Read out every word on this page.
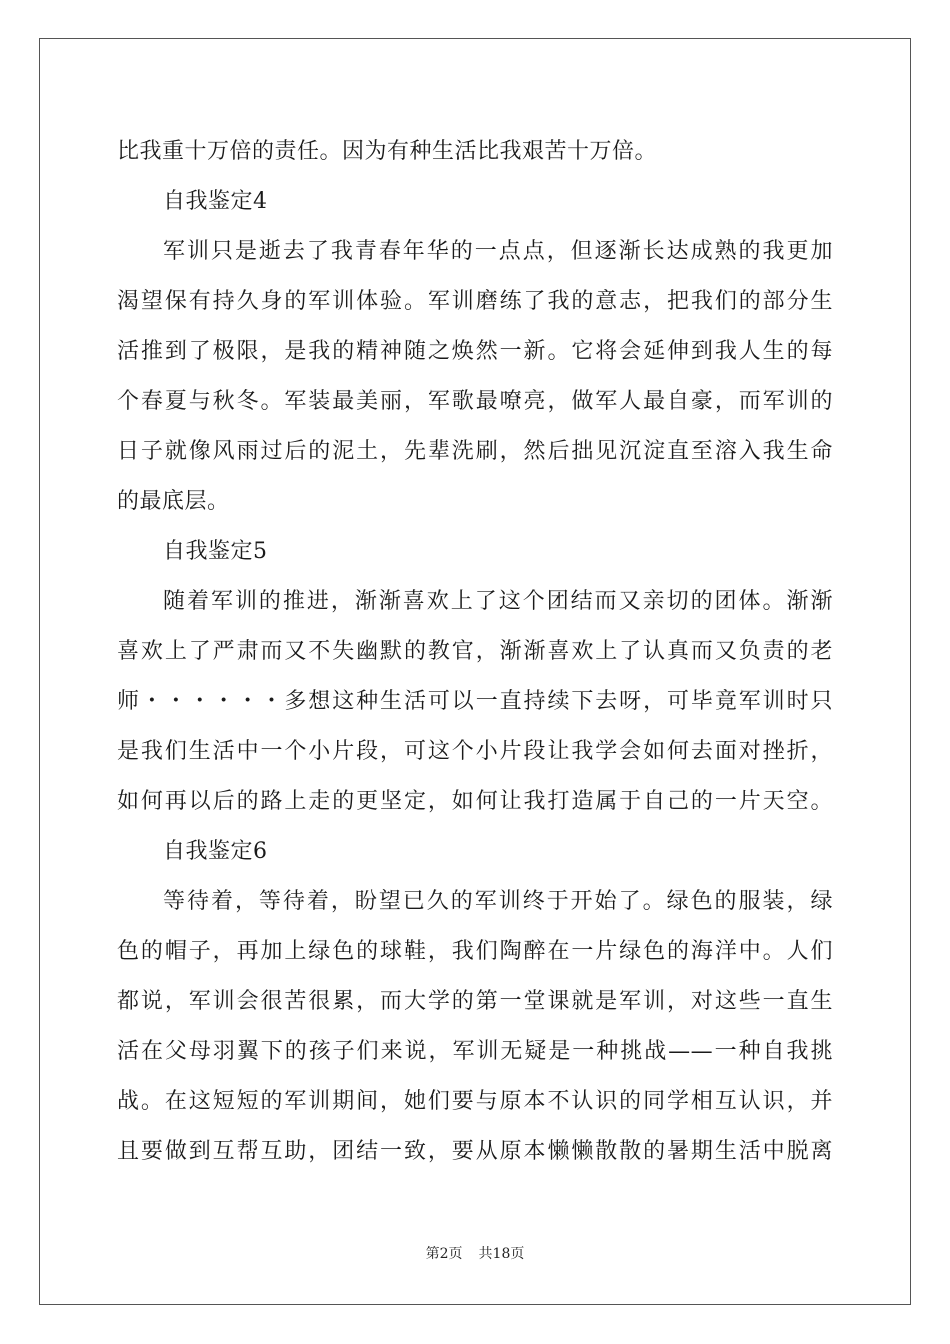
比我重十万倍的责任。因为有种生活比我艰苦十万倍。
自我鉴定4
军训只是逝去了我青春年华的一点点，但逐渐长达成熟的我更加
渴望保有持久身的军训体验。军训磨练了我的意志，把我们的部分生
活推到了极限，是我的精神随之焕然一新。它将会延伸到我人生的每
个春夏与秋冬。军装最美丽，军歌最嘹亮，做军人最自豪，而军训的
日子就像风雨过后的泥土，先辈洗刷，然后拙见沉淀直至溶入我生命
的最底层。
自我鉴定5
随着军训的推进，渐渐喜欢上了这个团结而又亲切的团体。渐渐
喜欢上了严肃而又不失幽默的教官，渐渐喜欢上了认真而又负责的老
师・・・・・・多想这种生活可以一直持续下去呀，可毕竟军训时只
是我们生活中一个小片段，可这个小片段让我学会如何去面对挫折，
如何再以后的路上走的更坚定，如何让我打造属于自己的一片天空。
自我鉴定6
等待着，等待着，盼望已久的军训终于开始了。绿色的服装，绿
色的帽子，再加上绿色的球鞋，我们陶醉在一片绿色的海洋中。人们
都说，军训会很苦很累，而大学的第一堂课就是军训，对这些一直生
活在父母羽翼下的孩子们来说，军训无疑是一种挑战——一种自我挑
战。在这短短的军训期间，她们要与原本不认识的同学相互认识，并
且要做到互帮互助，团结一致，要从原本懒懒散散的暑期生活中脱离
第2页 共18页
